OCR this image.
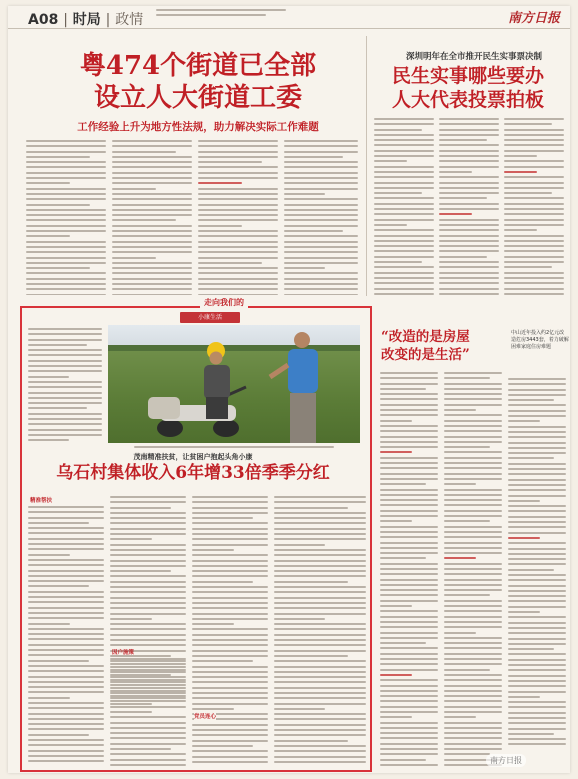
A08 | 时局 | 政情	南方日报
粤474个街道已全部
设立人大街道工委
工作经验上升为地方性法规，助力解决实际工作难题
深圳明年在全市推开民生实事票决制
民生实事哪些要办
人大代表投票拍板
走向我们的
小康生活
茂南精准扶贫，让贫困户抱起头角小康
乌石村集体收入6年增33倍季季分红
精准帮扶
因户施策
党员连心
“改造的是房屋
改变的是生活”
中山近年投入约2亿元改造危房3443套，着力破解困难家庭住房难题
南方日报
